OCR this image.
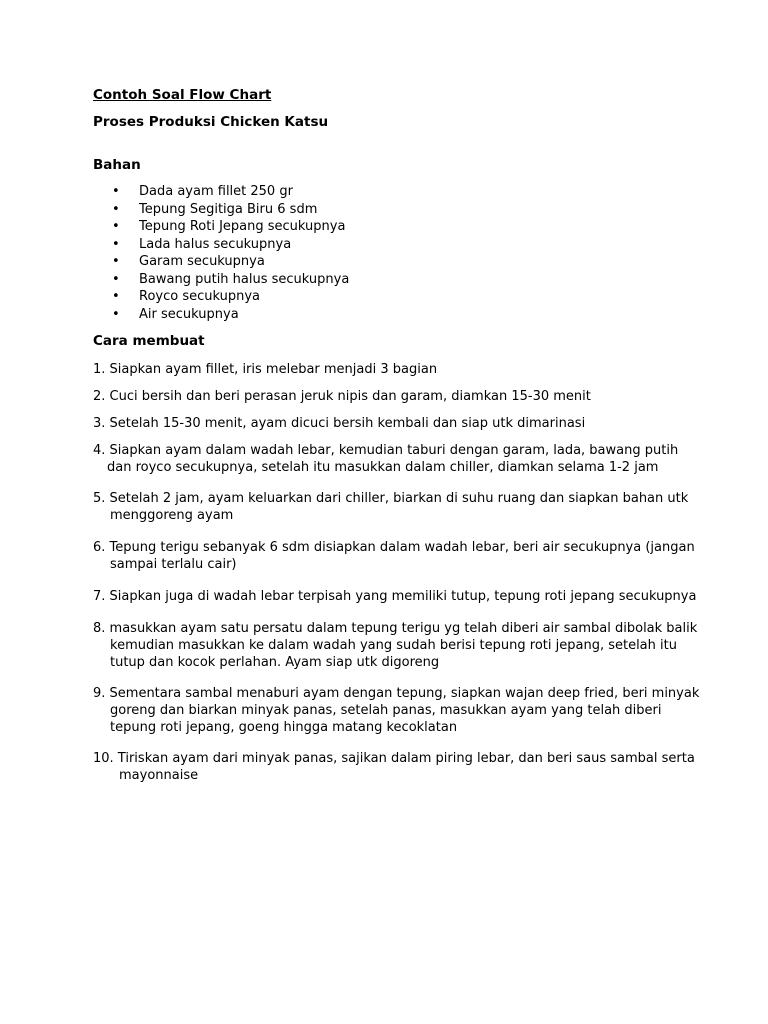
Contoh Soal Flow Chart
Proses Produksi Chicken Katsu
Bahan
•	Dada ayam fillet 250 gr
•	Tepung Segitiga Biru 6 sdm
•	Tepung Roti Jepang secukupnya
•	Lada halus secukupnya
•	Garam secukupnya
•	Bawang putih halus secukupnya
•	Royco secukupnya
•	Air secukupnya
Cara membuat
1. Siapkan ayam fillet, iris melebar menjadi 3 bagian
2. Cuci bersih dan beri perasan jeruk nipis dan garam, diamkan 15-30 menit
3. Setelah 15-30 menit, ayam dicuci bersih kembali dan siap utk dimarinasi
4. Siapkan ayam dalam wadah lebar, kemudian taburi dengan garam, lada, bawang putih
dan royco secukupnya, setelah itu masukkan dalam chiller, diamkan selama 1-2 jam
5. Setelah 2 jam, ayam keluarkan dari chiller, biarkan di suhu ruang dan siapkan bahan utk
menggoreng ayam
6. Tepung terigu sebanyak 6 sdm disiapkan dalam wadah lebar, beri air secukupnya (jangan
sampai terlalu cair)
7. Siapkan juga di wadah lebar terpisah yang memiliki tutup, tepung roti jepang secukupnya
8. masukkan ayam satu persatu dalam tepung terigu yg telah diberi air sambal dibolak balik
kemudian masukkan ke dalam wadah yang sudah berisi tepung roti jepang, setelah itu
tutup dan kocok perlahan. Ayam siap utk digoreng
9. Sementara sambal menaburi ayam dengan tepung, siapkan wajan deep fried, beri minyak
goreng dan biarkan minyak panas, setelah panas, masukkan ayam yang telah diberi
tepung roti jepang, goeng hingga matang kecoklatan
10. Tiriskan ayam dari minyak panas, sajikan dalam piring lebar, dan beri saus sambal serta
mayonnaise
